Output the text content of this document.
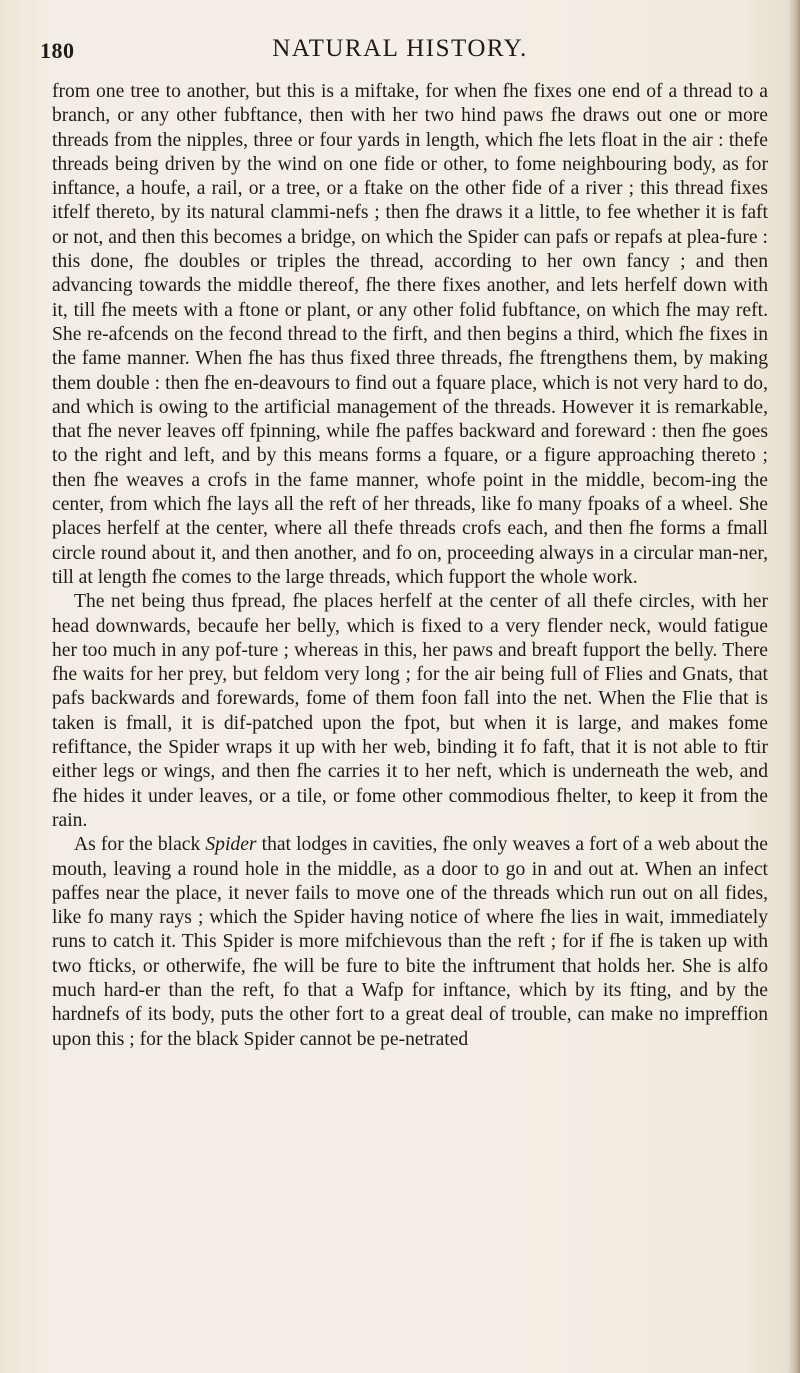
180	NATURAL HISTORY.

from one tree to another, but this is a miftake, for when fhe fixes one end of a thread to a branch, or any other fubftance, then with her two hind paws fhe draws out one or more threads from the nipples, three or four yards in length, which fhe lets float in the air : thefe threads being driven by the wind on one fide or other, to fome neighbouring body, as for inftance, a houfe, a rail, or a tree, or a ftake on the other fide of a river ; this thread fixes itfelf thereto, by its natural clammi-nefs ; then fhe draws it a little, to fee whether it is faft or not, and then this becomes a bridge, on which the Spider can pafs or repafs at plea-fure : this done, fhe doubles or triples the thread, according to her own fancy ; and then advancing towards the middle thereof, fhe there fixes another, and lets herfelf down with it, till fhe meets with a ftone or plant, or any other folid fubftance, on which fhe may reft. She re-afcends on the fecond thread to the firft, and then begins a third, which fhe fixes in the fame manner. When fhe has thus fixed three threads, fhe ftrengthens them, by making them double : then fhe en-deavours to find out a fquare place, which is not very hard to do, and which is owing to the artificial management of the threads. However it is remarkable, that fhe never leaves off fpinning, while fhe paffes backward and foreward : then fhe goes to the right and left, and by this means forms a fquare, or a figure approaching thereto ; then fhe weaves a crofs in the fame manner, whofe point in the middle, becom-ing the center, from which fhe lays all the reft of her threads, like fo many fpoaks of a wheel. She places herfelf at the center, where all thefe threads crofs each, and then fhe forms a fmall circle round about it, and then another, and fo on, proceeding always in a circular man-ner, till at length fhe comes to the large threads, which fupport the whole work.

The net being thus fpread, fhe places herfelf at the center of all thefe circles, with her head downwards, becaufe her belly, which is fixed to a very flender neck, would fatigue her too much in any pof-ture ; whereas in this, her paws and breaft fupport the belly. There fhe waits for her prey, but feldom very long ; for the air being full of Flies and Gnats, that pafs backwards and forewards, fome of them foon fall into the net. When the Flie that is taken is fmall, it is dif-patched upon the fpot, but when it is large, and makes fome refiftance, the Spider wraps it up with her web, binding it fo faft, that it is not able to ftir either legs or wings, and then fhe carries it to her neft, which is underneath the web, and fhe hides it under leaves, or a tile, or fome other commodious fhelter, to keep it from the rain.

As for the black Spider that lodges in cavities, fhe only weaves a fort of a web about the mouth, leaving a round hole in the middle, as a door to go in and out at. When an infect paffes near the place, it never fails to move one of the threads which run out on all fides, like fo many rays ; which the Spider having notice of where fhe lies in wait, immediately runs to catch it. This Spider is more mifchievous than the reft ; for if fhe is taken up with two fticks, or otherwife, fhe will be fure to bite the inftrument that holds her. She is alfo much hard-er than the reft, fo that a Wafp for inftance, which by its fting, and by the hardnefs of its body, puts the other fort to a great deal of trouble, can make no impreffion upon this ; for the black Spider cannot be pe-netrated
